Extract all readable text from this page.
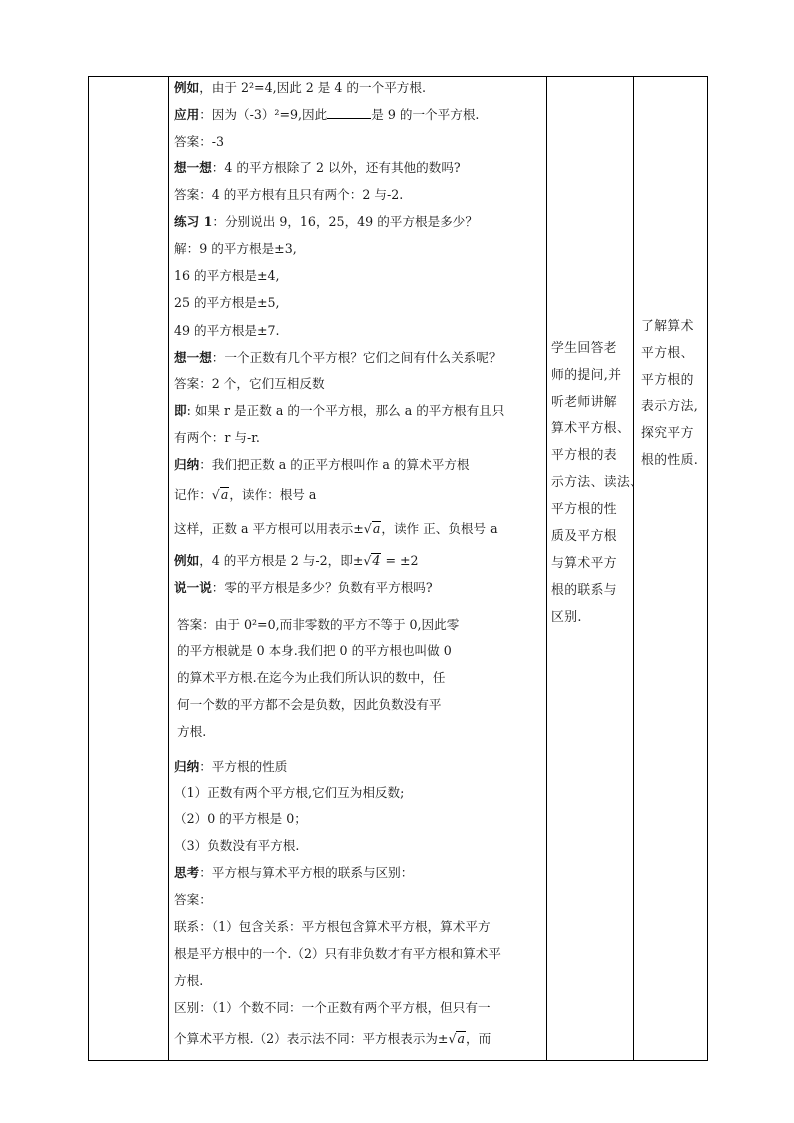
例如，由于 2²=4,因此 2 是 4 的一个平方根.
应用：因为（-3）²=9,因此	是 9 的一个平方根.
答案：-3
想一想：4 的平方根除了 2 以外，还有其他的数吗?
答案：4 的平方根有且只有两个：2 与-2.
练习 1：分别说出 9，16，25，49 的平方根是多少？
解：9 的平方根是±3,
16 的平方根是±4,
25 的平方根是±5,
49 的平方根是±7.
想一想：一个正数有几个平方根？它们之间有什么关系呢？
答案：2 个，它们互相反数
即: 如果 r 是正数 a 的一个平方根，那么 a 的平方根有且只
有两个：r 与-r.
归纳：我们把正数 a 的正平方根叫作 a 的算术平方根
记作：√a，读作：根号 a
这样，正数 a 平方根可以用表示±√a，读作 正、负根号 a
例如，4 的平方根是 2 与-2，即±√4 = ±2
说一说：零的平方根是多少？负数有平方根吗?
答案：由于 0²=0,而非零数的平方不等于 0,因此零
的平方根就是 0 本身.我们把 0 的平方根也叫做 0
的算术平方根.在迄今为止我们所认识的数中，任
何一个数的平方都不会是负数，因此负数没有平
方根.
归纳：平方根的性质
（1）正数有两个平方根,它们互为相反数;
（2）0 的平方根是 0；
（3）负数没有平方根.
思考：平方根与算术平方根的联系与区别：
答案：
联系：（1）包含关系：平方根包含算术平方根，算术平方
根是平方根中的一个.（2）只有非负数才有平方根和算术平
方根.
区别：（1）个数不同：一个正数有两个平方根，但只有一
个算术平方根.（2）表示法不同：平方根表示为±√a，而
学生回答老
师的提问,并
听老师讲解
算术平方根、
平方根的表
示方法、读法、
平方根的性
质及平方根
与算术平方
根的联系与
区别.
了解算术
平方根、
平方根的
表示方法,
探究平方
根的性质.
